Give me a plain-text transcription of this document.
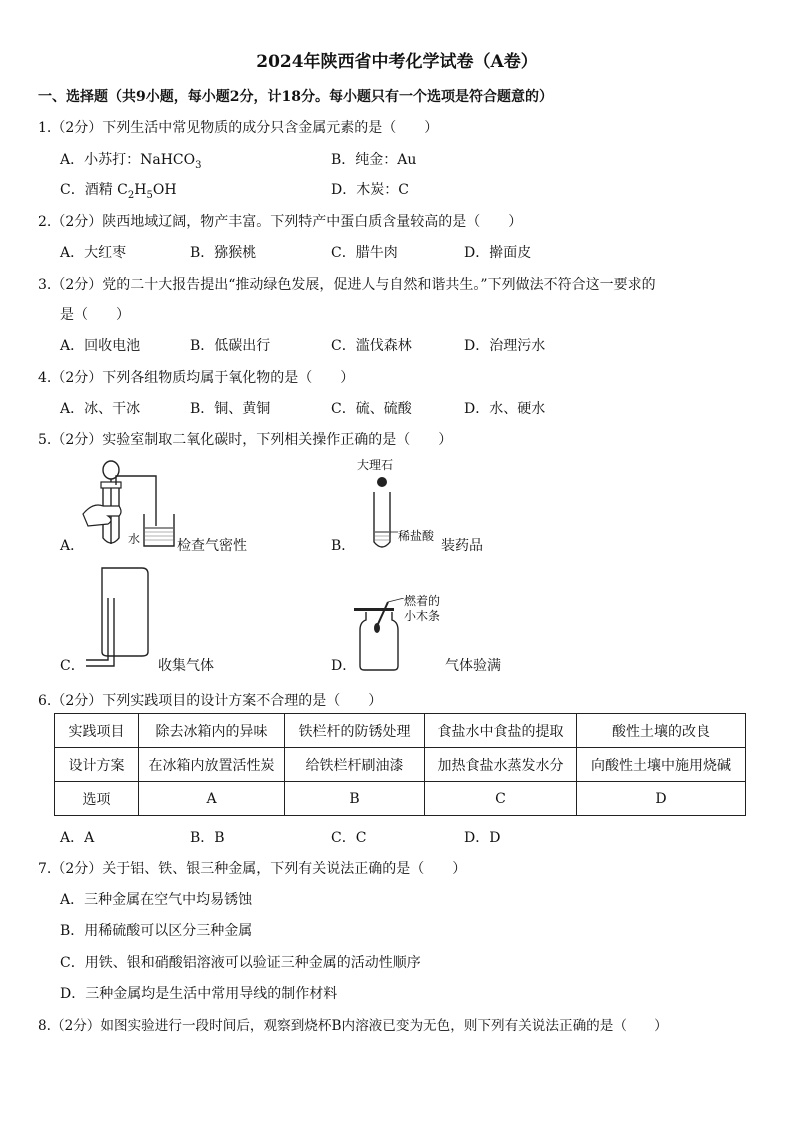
2024年陕西省中考化学试卷（A卷）
一、选择题（共9小题，每小题2分，计18分。每小题只有一个选项是符合题意的）
1.（2分）下列生活中常见物质的成分只含金属元素的是（　　）
A．小苏打：NaHCO$_3$	B．纯金：Au
C．酒精 $C_2H_5OH$	D．木炭：C
2.（2分）陕西地域辽阔，物产丰富。下列特产中蛋白质含量较高的是（　　）
A．大红枣	B．猕猴桃	C．腊牛肉	D．擀面皮
3.（2分）党的二十大报告提出“推动绿色发展，促进人与自然和谐共生。”下列做法不符合这一要求的
是（　　）
A．回收电池	B．低碳出行	C．滥伐森林	D．治理污水
4.（2分）下列各组物质均属于氧化物的是（　　）
A．冰、干冰	B．铜、黄铜	C．硫、硫酸	D．水、硬水
5.（2分）实验室制取二氧化碳时，下列相关操作正确的是（　　）
A．	水	检查气密性	B．
大理石
稀盐酸
装药品
C．	收集气体	D．
燃着的
小木条
气体验满
6.（2分）下列实践项目的设计方案不合理的是（　　）
实践项目	除去冰箱内的异味	铁栏杆的防锈处理	食盐水中食盐的提取	酸性土壤的改良
设计方案	在冰箱内放置活性炭	给铁栏杆刷油漆	加热食盐水蒸发水分	向酸性土壤中施用烧碱
选项	A	B	C	D
A．A	B．B	C．C	D．D
7.（2分）关于铝、铁、银三种金属，下列有关说法正确的是（　　）
A．三种金属在空气中均易锈蚀
B．用稀硫酸可以区分三种金属
C．用铁、银和硝酸铝溶液可以验证三种金属的活动性顺序
D．三种金属均是生活中常用导线的制作材料
8.（2分）如图实验进行一段时间后，观察到烧杯B内溶液已变为无色，则下列有关说法正确的是（　　）
